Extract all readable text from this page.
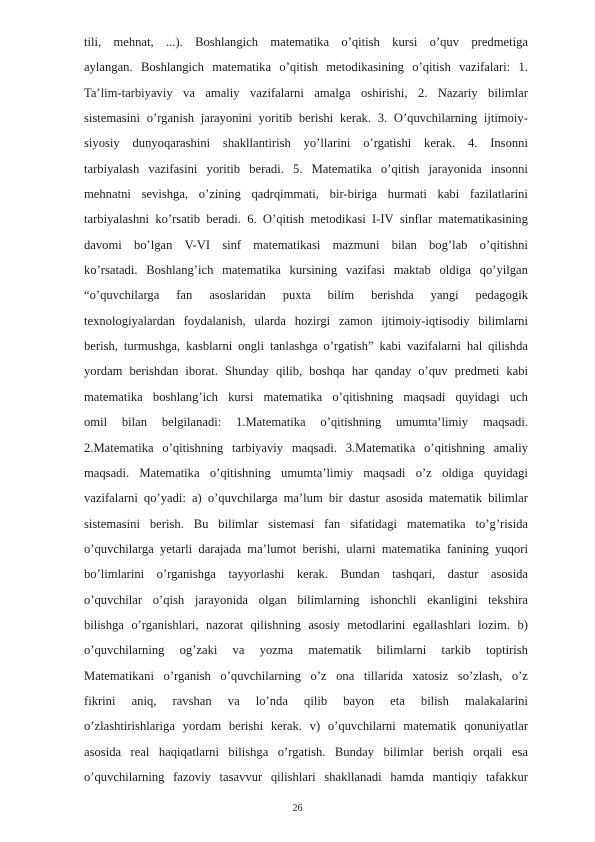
tili, mehnat, ...). Boshlangich matematika o’qitish kursi o’quv predmetiga
aylangan. Boshlangich matematika o’qitish metodikasining o’qitish vazifalari: 1.
Ta’lim-tarbiyaviy va amaliy vazifalarni amalga oshirishi, 2. Nazariy bilimlar
sistemasini o’rganish jarayonini yoritib berishi kerak. 3. O’quvchilarning ijtimoiy-
siyosiy dunyoqarashini shakllantirish yo’llarini o’rgatishi kerak. 4. Insonni
tarbiyalash vazifasini yoritib beradi. 5. Matematika o’qitish jarayonida insonni
mehnatni sevishga, o’zining qadrqimmati, bir-biriga hurmati kabi fazilatlarini
tarbiyalashni ko’rsatib beradi. 6. O’qitish metodikasi I-IV sinflar matematikasining
davomi bo’lgan V-VI sinf matematikasi mazmuni bilan bog’lab o’qitishni
ko’rsatadi. Boshlang’ich matematika kursining vazifasi maktab oldiga qo’yilgan
“o’quvchilarga fan asoslaridan puxta bilim berishda yangi pedagogik
texnologiyalardan foydalanish, ularda hozirgi zamon ijtimoiy-iqtisodiy bilimlarni
berish, turmushga, kasblarni ongli tanlashga o’rgatish” kabi vazifalarni hal qilishda
yordam berishdan iborat. Shunday qilib, boshqa har qanday o’quv predmeti kabi
matematika boshlang’ich kursi matematika o’qitishning maqsadi quyidagi uch
omil bilan belgilanadi: 1.Matematika o’qitishning umumta’limiy maqsadi.
2.Matematika o’qitishning tarbiyaviy maqsadi. 3.Matematika o’qitishning amaliy
maqsadi. Matematika o’qitishning umumta’limiy maqsadi o’z oldiga quyidagi
vazifalarni qo’yadi: a) o’quvchilarga ma’lum bir dastur asosida matematik bilimlar
sistemasini berish. Bu bilimlar sistemasi fan sifatidagi matematika to’g’risida
o’quvchilarga yetarli darajada ma’lumot berishi, ularni matematika fanining yuqori
bo’limlarini o’rganishga tayyorlashi kerak. Bundan tashqari, dastur asosida
o’quvchilar o’qish jarayonida olgan bilimlarning ishonchli ekanligini tekshira
bilishga o’rganishlari, nazorat qilishning asosiy metodlarini egallashlari lozim. b)
o’quvchilarning og’zaki va yozma matematik bilimlarni tarkib toptirish
Matematikani o’rganish o’quvchilarning o’z ona tillarida xatosiz so’zlash, o’z
fikrini aniq, ravshan va lo’nda qilib bayon eta bilish malakalarini
o’zlashtirishlariga yordam berishi kerak. v) o’quvchilarni matematik qonuniyatlar
asosida real haqiqatlarni bilishga o’rgatish. Bunday bilimlar berish orqali esa
o’quvchilarning fazoviy tasavvur qilishlari shakllanadi hamda mantiqiy tafakkur
26
